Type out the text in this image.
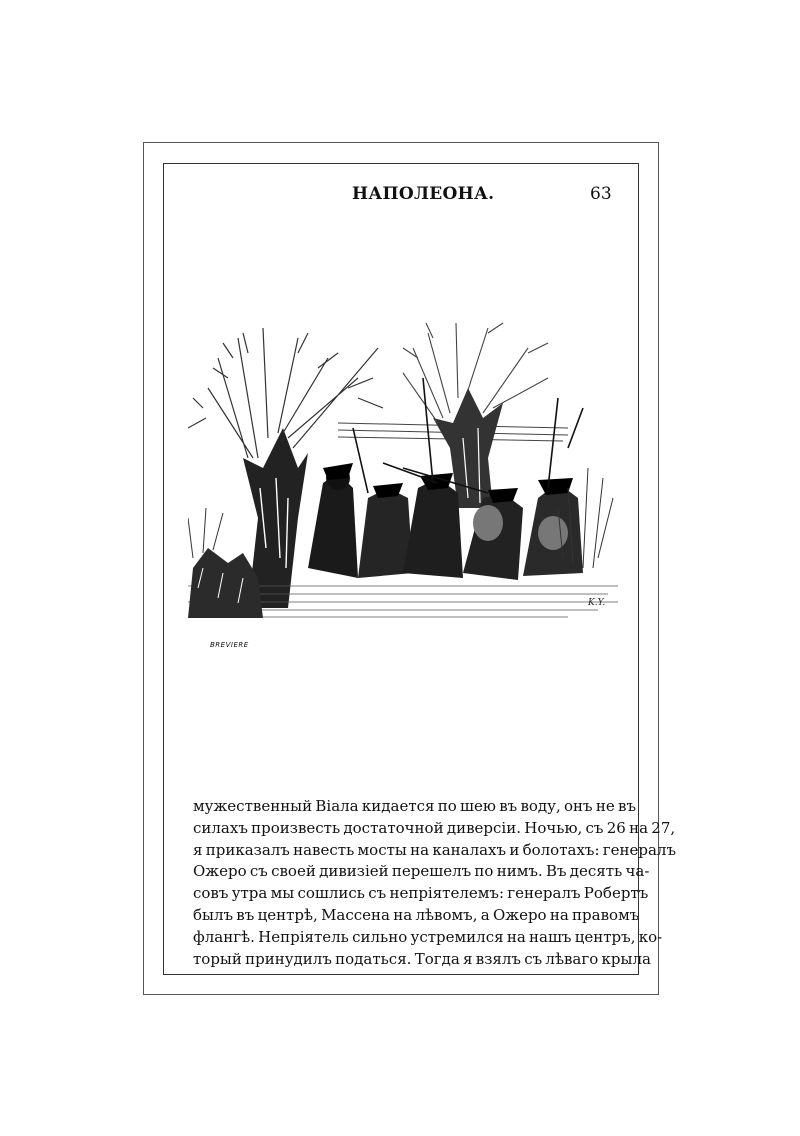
НАПОЛЕОНА.	63
K.Y.
BREVIERE
мужественный Віала кидается по шею въ воду, онъ не въ
силахъ произвесть достаточной диверсіи. Ночью, съ 26 на 27,
я приказалъ навесть мосты на каналахъ и болотахъ: генералъ
Ожеро съ своей дивизіей перешелъ по нимъ. Въ десять ча-
совъ утра мы сошлись съ непріятелемъ: генералъ Робертъ
былъ въ центрѣ, Массена на лѣвомъ, а Ожеро на правомъ
флангѣ. Непріятель сильно устремился на нашъ центръ, ко-
торый принудилъ податься. Тогда я взялъ съ лѣваго крыла
